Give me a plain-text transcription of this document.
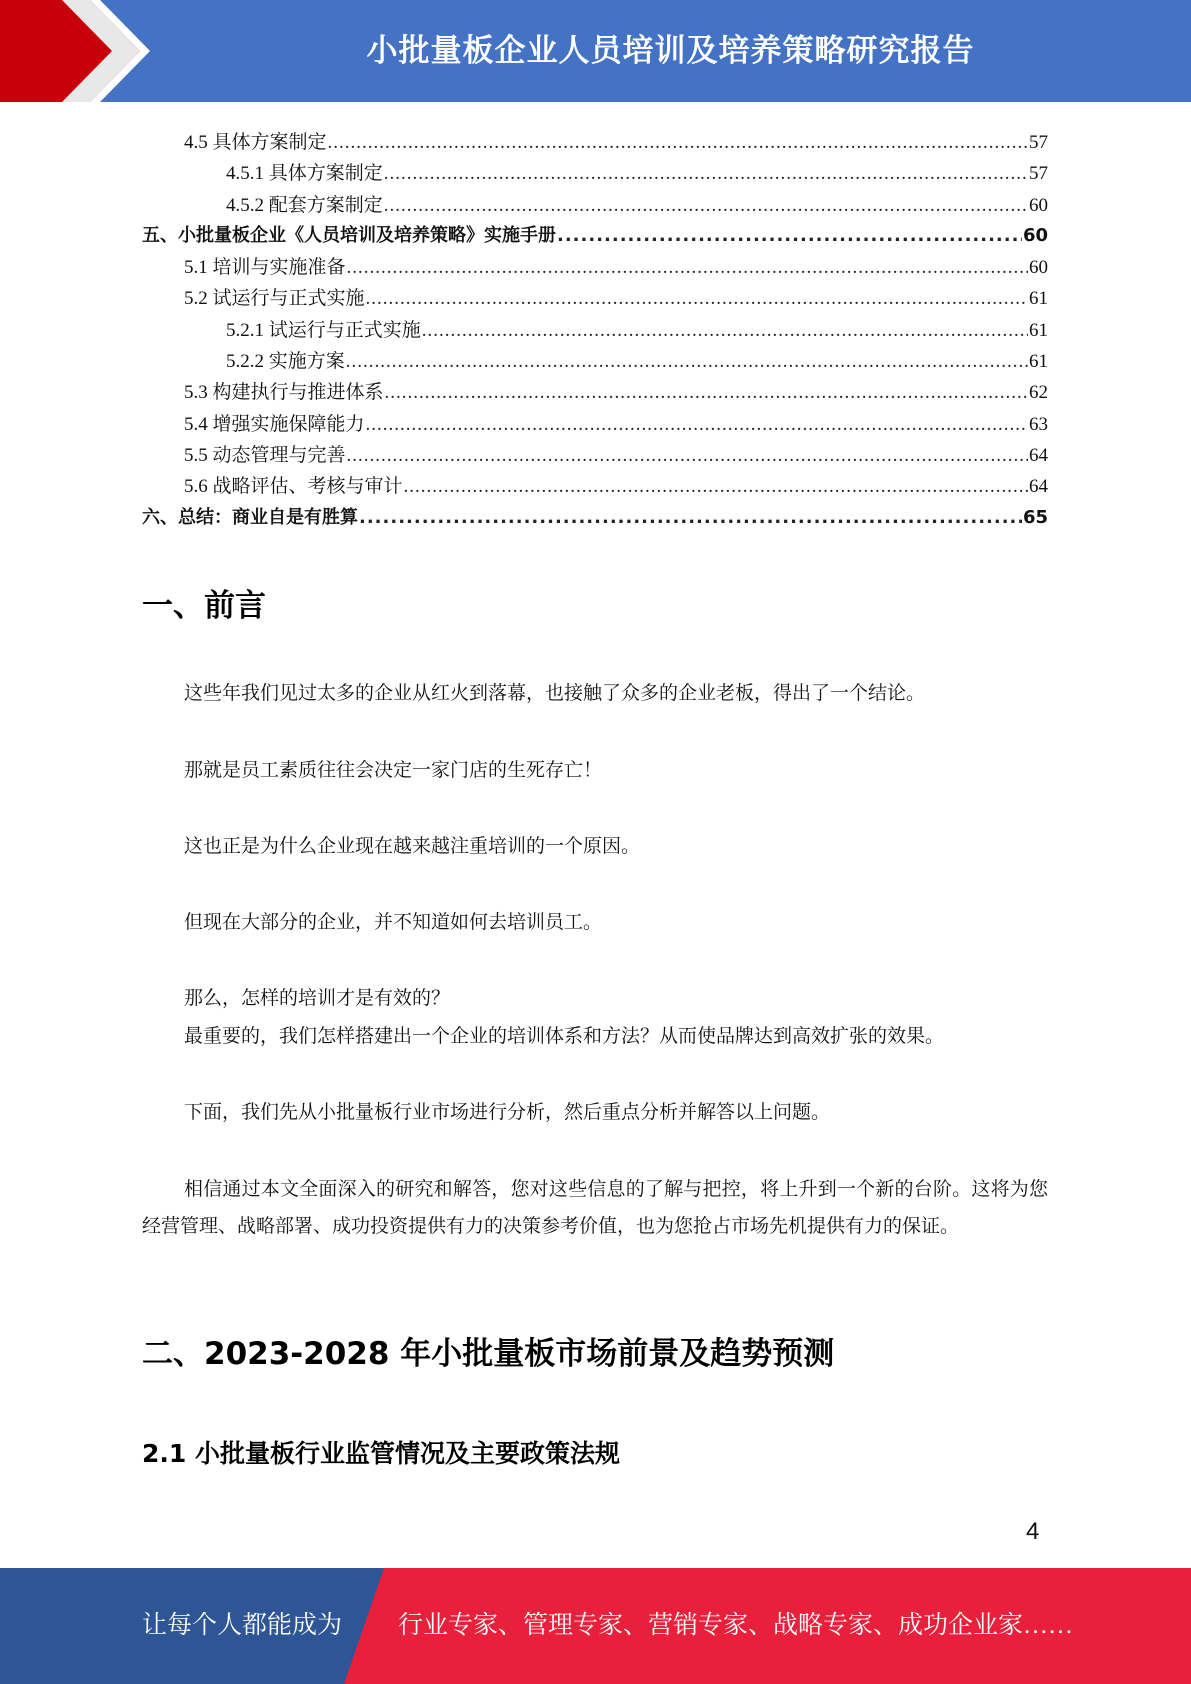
小批量板企业人员培训及培养策略研究报告
4.5 具体方案制定 .....	57
4.5.1 具体方案制定 .....	57
4.5.2 配套方案制定 .....	60
五、小批量板企业《人员培训及培养策略》实施手册 .....	60
5.1 培训与实施准备 .....	60
5.2 试运行与正式实施 .....	61
5.2.1 试运行与正式实施 .....	61
5.2.2 实施方案 .....	61
5.3 构建执行与推进体系 .....	62
5.4 增强实施保障能力 .....	63
5.5 动态管理与完善 .....	64
5.6 战略评估、考核与审计 .....	64
六、总结：商业自是有胜算 .....	65
一、前言
这些年我们见过太多的企业从红火到落幕，也接触了众多的企业老板，得出了一个结论。
那就是员工素质往往会决定一家门店的生死存亡！
这也正是为什么企业现在越来越注重培训的一个原因。
但现在大部分的企业，并不知道如何去培训员工。
那么，怎样的培训才是有效的？
最重要的，我们怎样搭建出一个企业的培训体系和方法？从而使品牌达到高效扩张的效果。
下面，我们先从小批量板行业市场进行分析，然后重点分析并解答以上问题。
相信通过本文全面深入的研究和解答，您对这些信息的了解与把控，将上升到一个新的台阶。这将为您经营管理、战略部署、成功投资提供有力的决策参考价值，也为您抢占市场先机提供有力的保证。
二、2023-2028 年小批量板市场前景及趋势预测
2.1 小批量板行业监管情况及主要政策法规
4
让每个人都能成为 行业专家、管理专家、营销专家、战略专家、成功企业家……
